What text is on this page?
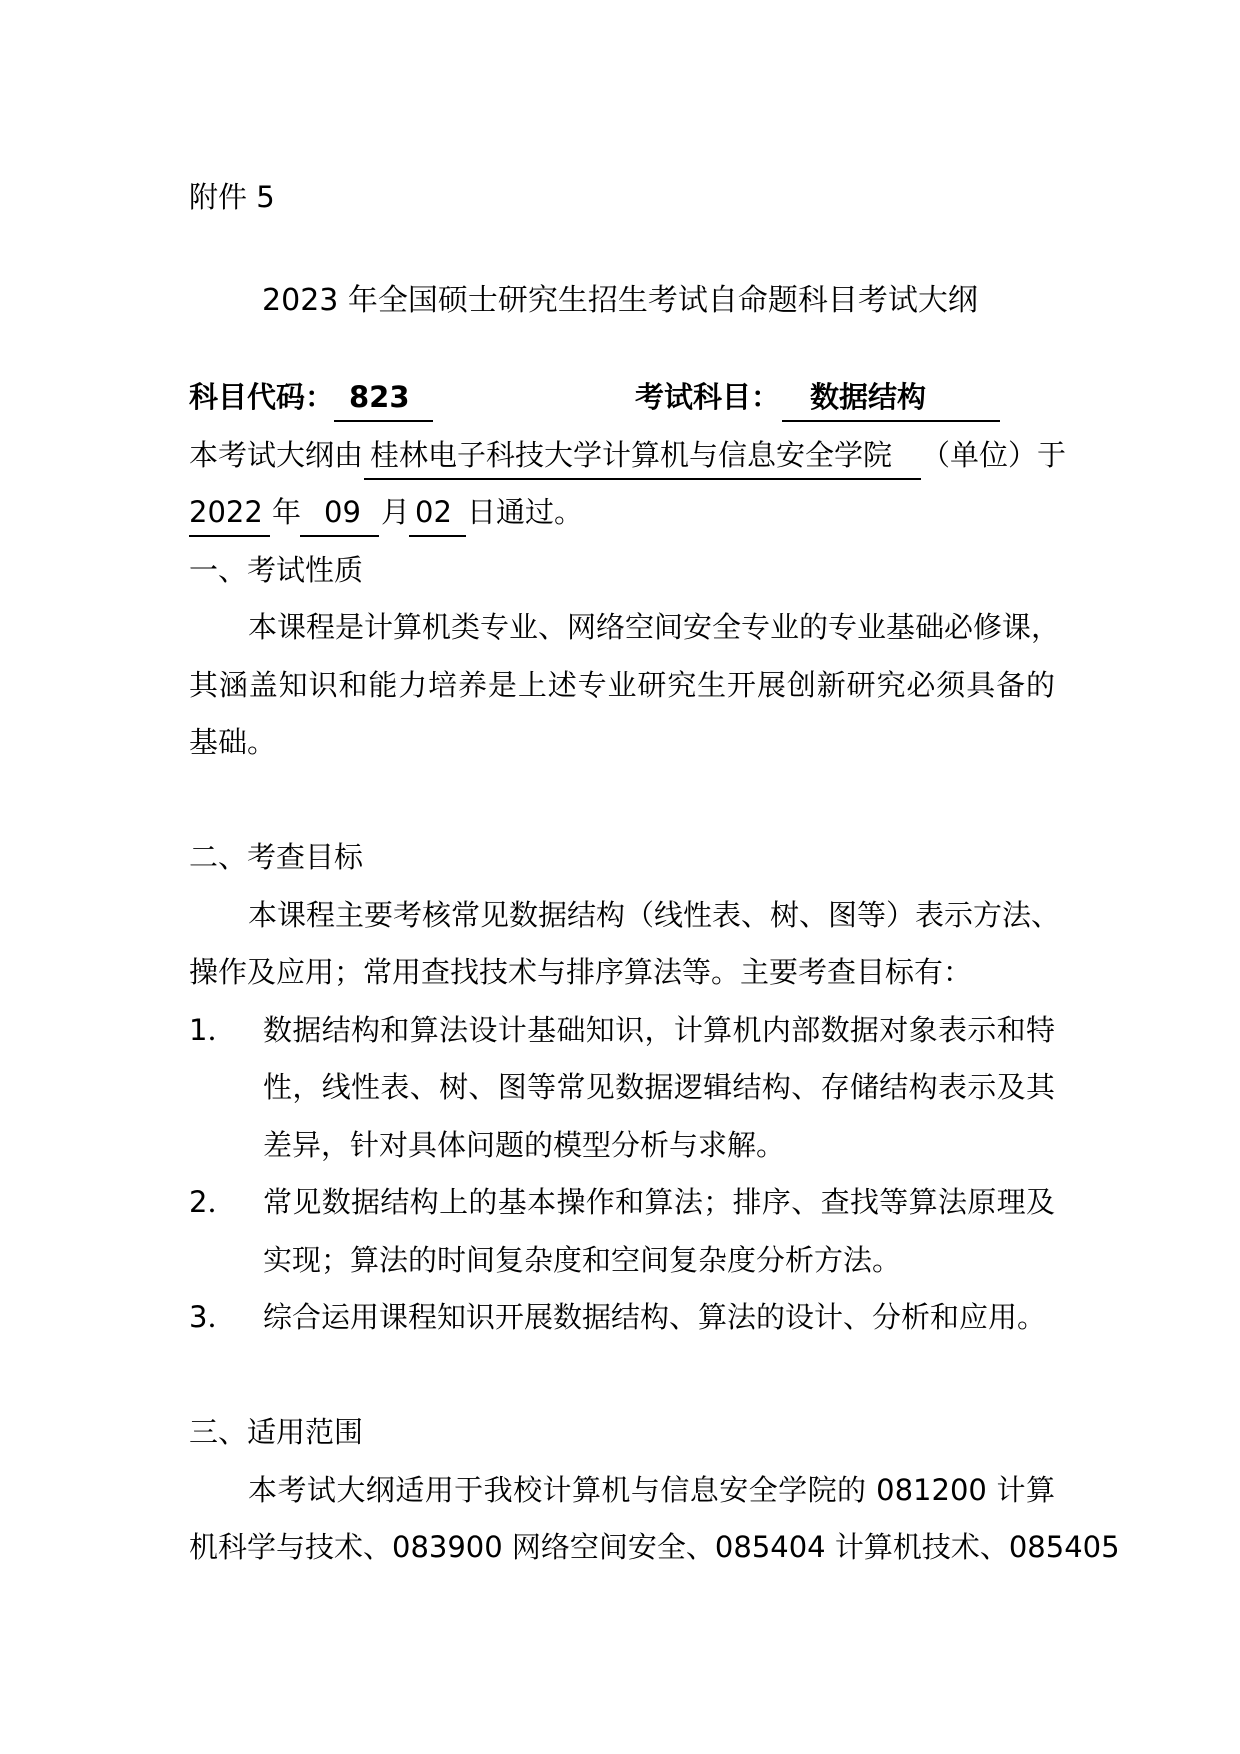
附件 5
2023 年全国硕士研究生招生考试自命题科目考试大纲
科目代码： 823	考试科目：	数据结构
本考试大纲由 桂林电子科技大学计算机与信息安全学院 （单位）于
2022 年 09 月 02 日通过。
一、考试性质
本课程是计算机类专业、网络空间安全专业的专业基础必修课，
其涵盖知识和能力培养是上述专业研究生开展创新研究必须具备的
基础。
二、考查目标
本课程主要考核常见数据结构（线性表、树、图等）表示方法、
操作及应用；常用查找技术与排序算法等。主要考查目标有：
1． 数据结构和算法设计基础知识，计算机内部数据对象表示和特
性，线性表、树、图等常见数据逻辑结构、存储结构表示及其
差异，针对具体问题的模型分析与求解。
2． 常见数据结构上的基本操作和算法；排序、查找等算法原理及
实现；算法的时间复杂度和空间复杂度分析方法。
3． 综合运用课程知识开展数据结构、算法的设计、分析和应用。
三、适用范围
本考试大纲适用于我校计算机与信息安全学院的 081200 计算
机科学与技术、083900 网络空间安全、085404 计算机技术、085405
